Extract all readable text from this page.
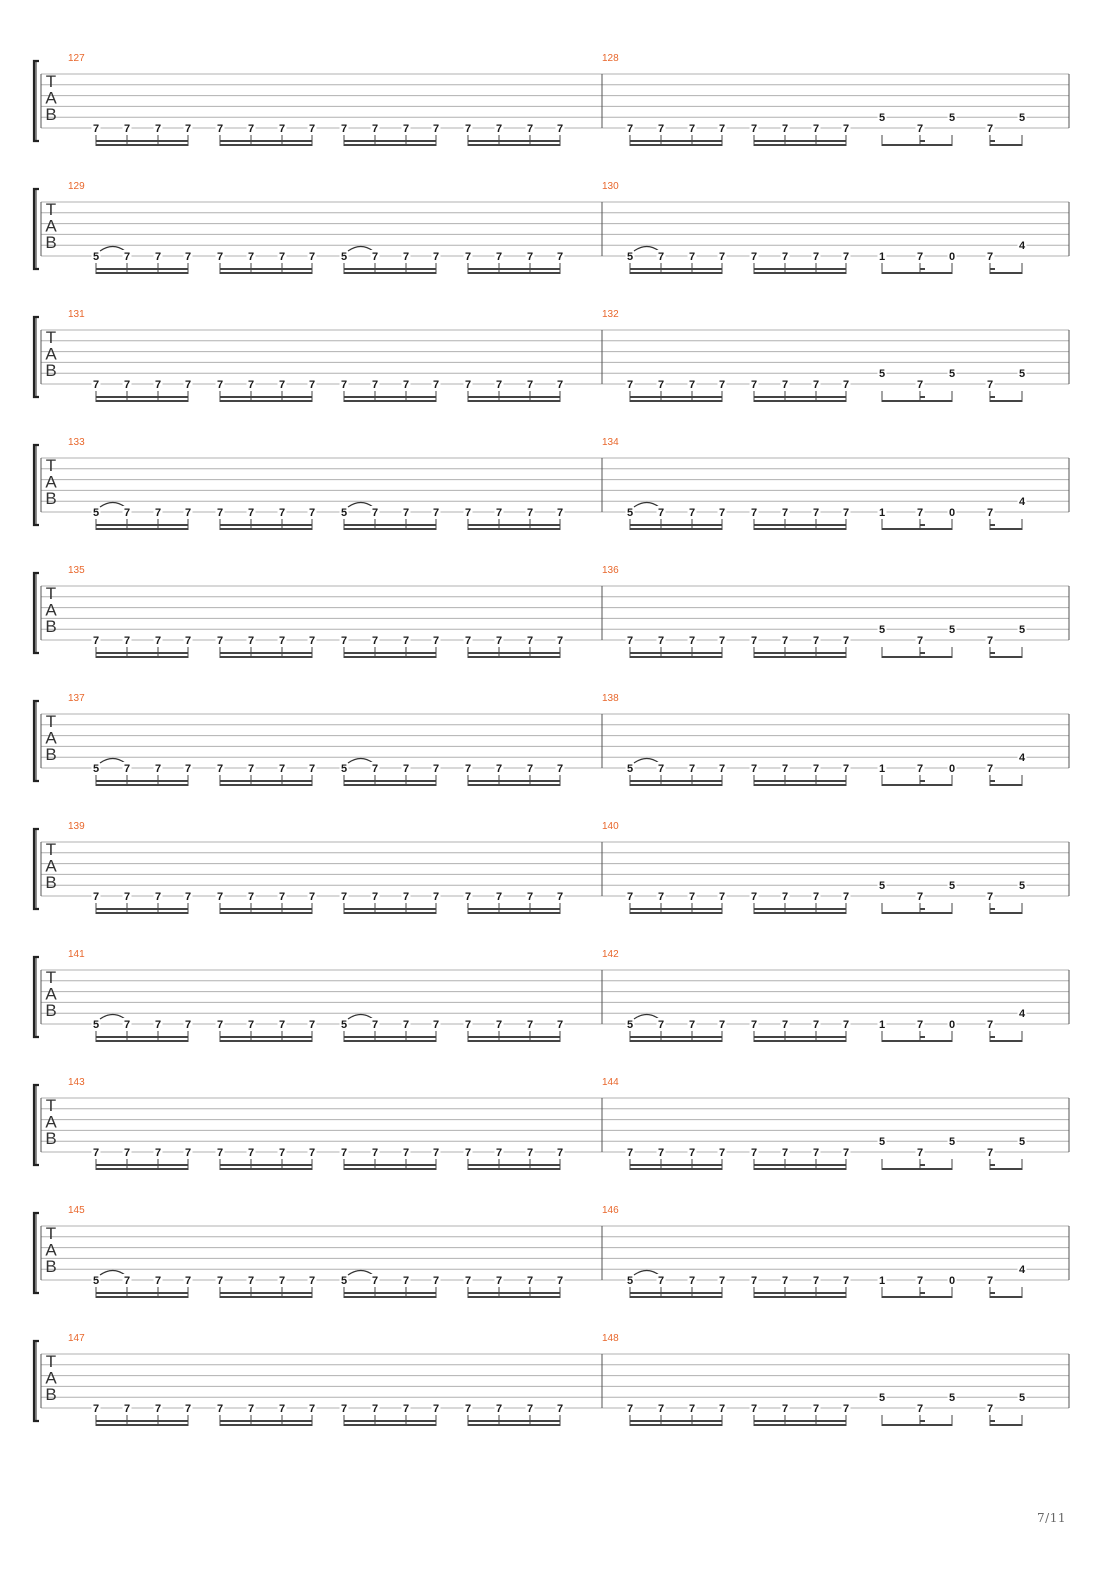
T
A
B
127
7 7 7 7 7 7 7 7 7 7 7 7 7 7 7 7
128
7 7 7 7 7 7 7 7
5
7
5
7
5
T
A
B
129
5 7 7 7 7 7 7 7 5 7 7 7 7 7 7 7
130
5 7 7 7 7 7 7 7	1	7 0	7
4
T
A
B
131
7 7 7 7 7 7 7 7 7 7 7 7 7 7 7 7
132
7 7 7 7 7 7 7 7
5
7
5
7
5
T
A
B
133
5 7 7 7 7 7 7 7 5 7 7 7 7 7 7 7
134
5 7 7 7 7 7 7 7	1	7 0	7
4
T
A
B
135
7 7 7 7 7 7 7 7 7 7 7 7 7 7 7 7
136
7 7 7 7 7 7 7 7
5
7
5
7
5
T
A
B
137
5 7 7 7 7 7 7 7 5 7 7 7 7 7 7 7
138
5 7 7 7 7 7 7 7	1	7 0	7
4
T
A
B
139
7 7 7 7 7 7 7 7 7 7 7 7 7 7 7 7
140
7 7 7 7 7 7 7 7
5
7
5
7
5
T
A
B
141
5 7 7 7 7 7 7 7 5 7 7 7 7 7 7 7
142
5 7 7 7 7 7 7 7	1	7 0	7
4
T
A
B
143
7 7 7 7 7 7 7 7 7 7 7 7 7 7 7 7
144
7 7 7 7 7 7 7 7
5
7
5
7
5
T
A
B
145
5 7 7 7 7 7 7 7 5 7 7 7 7 7 7 7
146
5 7 7 7 7 7 7 7	1	7 0	7
4
T
A
B
147
7 7 7 7 7 7 7 7 7 7 7 7 7 7 7 7
148
7 7 7 7 7 7 7 7
5
7
5
7
5
7/11
